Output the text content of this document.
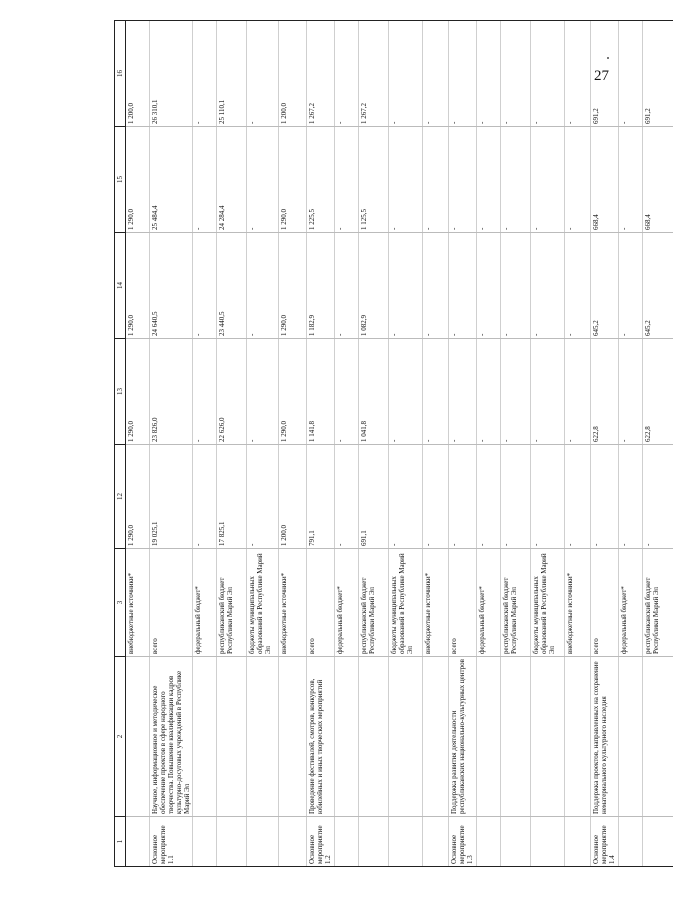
27
1	2	3	12	13	14	15	16
		внебюджетные источники*	1 290,0	1 290,0	1 290,0	1 290,0	1 200,0
Основное мероприятие 1.1	Научное, информационное и методическое обеспечение проектов в сфере народного творчества. Повышение квалификации кадров культурно-досуговых учреждений в Республике Марий Эл	всего	19 025,1	23 826,0	24 640,5	25 484,4	26 310,1
		федеральный бюджет*	-	-	-	-	-
		республиканский бюджет Республики Марий Эл	17 825,1	22 626,0	23 440,5	24 284,4	25 110,1
		бюджеты муниципальных образований в Республике Марий Эл	-	-	-	-	-
		внебюджетные источники*	1 200,0	1 290,0	1 290,0	1 290,0	1 200,0
Основное мероприятие 1.2	Проведение фестивалей, смотров, конкурсов, юбилейных и иных творческих мероприятий	всего	791,1	1 141,8	1 182,9	1 225,5	1 267,2
		федеральный бюджет*	-	-	-	-	-
		республиканский бюджет Республики Марий Эл	691,1	1 041,8	1 082,9	1 125,5	1 267,2
		бюджеты муниципальных образований в Республике Марий Эл	-	-	-	-	-
		внебюджетные источники*	-	-	-	-	-
Основное мероприятие 1.3	Поддержка развития деятельности республиканских национально-культурных центров	всего	-	-	-	-	-
		федеральный бюджет*	-	-	-	-	-
		республиканский бюджет Республики Марий Эл	-	-	-	-	-
		бюджеты муниципальных образований в Республике Марий Эл	-	-	-	-	-
		внебюджетные источники*	-	-	-	-	-
Основное мероприятие 1.4	Поддержка проектов, направленных на сохранение нематериального культурного наследия	всего	-	622,8	645,2	668,4	691,2
		федеральный бюджет*	-	-	-	-	-
		республиканский бюджет Республики Марий Эл	-	622,8	645,2	668,4	691,2
